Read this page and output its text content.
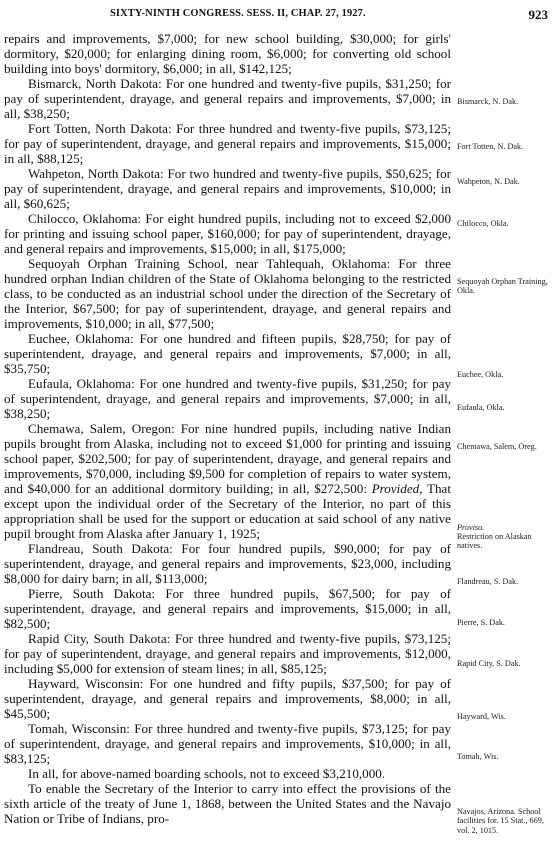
SIXTY-NINTH CONGRESS. SESS. II, CHAP. 27, 1927.	923

repairs and improvements, $7,000; for new school building, $30,000; for girls' dormitory, $20,000; for enlarging dining room, $6,000; for converting old school building into boys' dormitory, $6,000; in all, $142,125;

Bismarck, North Dakota: For one hundred and twenty-five pupils, $31,250; for pay of superintendent, drayage, and general repairs and improvements, $7,000; in all, $38,250;

Fort Totten, North Dakota: For three hundred and twenty-five pupils, $73,125; for pay of superintendent, drayage, and general repairs and improvements, $15,000; in all, $88,125;

Wahpeton, North Dakota: For two hundred and twenty-five pupils, $50,625; for pay of superintendent, drayage, and general repairs and improvements, $10,000; in all, $60,625;

Chilocco, Oklahoma: For eight hundred pupils, including not to exceed $2,000 for printing and issuing school paper, $160,000; for pay of superintendent, drayage, and general repairs and improvements, $15,000; in all, $175,000;

Sequoyah Orphan Training School, near Tahlequah, Oklahoma: For three hundred orphan Indian children of the State of Oklahoma belonging to the restricted class, to be conducted as an industrial school under the direction of the Secretary of the Interior, $67,500; for pay of superintendent, drayage, and general repairs and improvements, $10,000; in all, $77,500;

Euchee, Oklahoma: For one hundred and fifteen pupils, $28,750; for pay of superintendent, drayage, and general repairs and improvements, $7,000; in all, $35,750;

Eufaula, Oklahoma: For one hundred and twenty-five pupils, $31,250; for pay of superintendent, drayage, and general repairs and improvements, $7,000; in all, $38,250;

Chemawa, Salem, Oregon: For nine hundred pupils, including native Indian pupils brought from Alaska, including not to exceed $1,000 for printing and issuing school paper, $202,500; for pay of superintendent, drayage, and general repairs and improvements, $70,000, including $9,500 for completion of repairs to water system, and $40,000 for an additional dormitory building; in all, $272,500: Provided, That except upon the individual order of the Secretary of the Interior, no part of this appropriation shall be used for the support or education at said school of any native pupil brought from Alaska after January 1, 1925;

Flandreau, South Dakota: For four hundred pupils, $90,000; for pay of superintendent, drayage, and general repairs and improvements, $23,000, including $8,000 for dairy barn; in all, $113,000;

Pierre, South Dakota: For three hundred pupils, $67,500; for pay of superintendent, drayage, and general repairs and improvements, $15,000; in all, $82,500;

Rapid City, South Dakota: For three hundred and twenty-five pupils, $73,125; for pay of superintendent, drayage, and general repairs and improvements, $12,000, including $5,000 for extension of steam lines; in all, $85,125;

Hayward, Wisconsin: For one hundred and fifty pupils, $37,500; for pay of superintendent, drayage, and general repairs and improvements, $8,000; in all, $45,500;

Tomah, Wisconsin: For three hundred and twenty-five pupils, $73,125; for pay of superintendent, drayage, and general repairs and improvements, $10,000; in all, $83,125;

In all, for above-named boarding schools, not to exceed $3,210,000.

To enable the Secretary of the Interior to carry into effect the provisions of the sixth article of the treaty of June 1, 1868, between the United States and the Navajo Nation or Tribe of Indians, pro-

Bismarck, N. Dak.
Fort Totten, N. Dak.
Wahpeton, N. Dak.
Chilocco, Okla.
Sequoyah Orphan Training, Okla.
Euchee, Okla.
Eufaula, Okla.
Chemawa, Salem, Oreg.
Proviso.
Restriction on Alaskan natives.
Flandreau, S. Dak.
Pierre, S. Dak.
Rapid City, S. Dak.
Hayward, Wis.
Tomah, Wis.
Navajos, Arizona. School facilities for. 15 Stat., 669, vol. 2, 1015.
